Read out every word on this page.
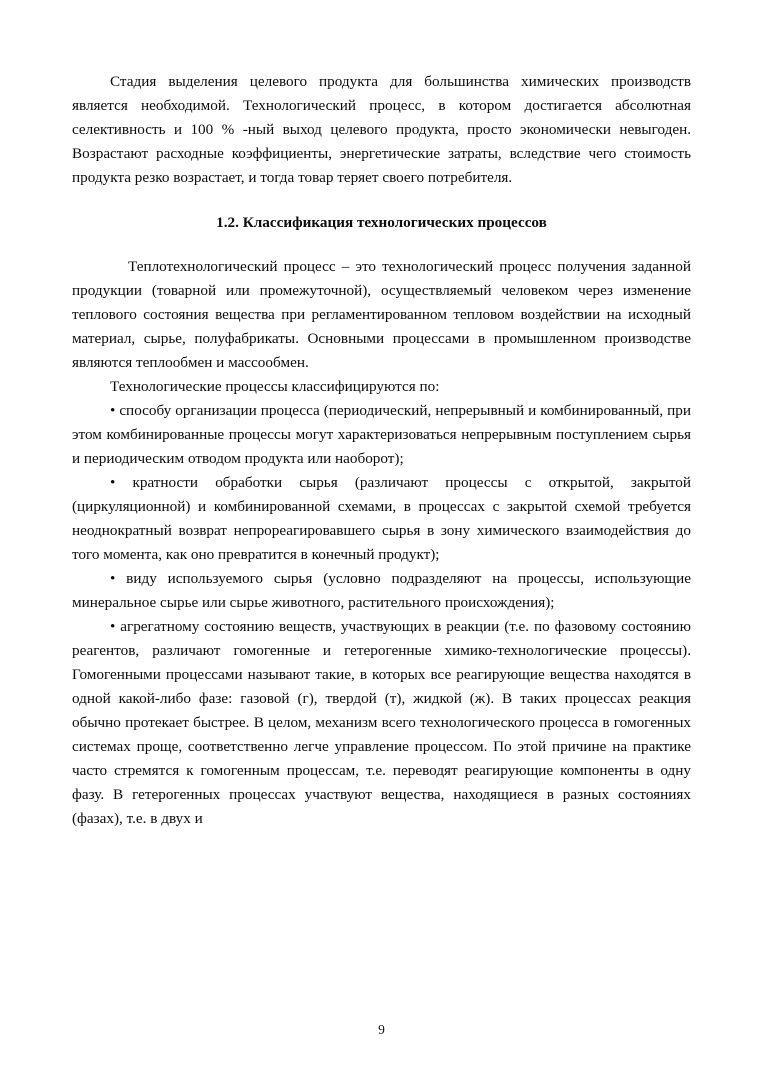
Стадия выделения целевого продукта для большинства химических производств является необходимой. Технологический процесс, в котором достигается абсолютная селективность и 100 % -ный выход целевого продукта, просто экономически невыгоден. Возрастают расходные коэффициенты, энергетические затраты, вследствие чего стоимость продукта резко возрастает, и тогда товар теряет своего потребителя.

1.2. Классификация технологических процессов

Теплотехнологический процесс – это технологический процесс получения заданной продукции (товарной или промежуточной), осуществляемый человеком через изменение теплового состояния вещества при регламентированном тепловом воздействии на исходный материал, сырье, полуфабрикаты. Основными процессами в промышленном производстве являются теплообмен и массообмен.

Технологические процессы классифицируются по:

• способу организации процесса (периодический, непрерывный и комбинированный, при этом комбинированные процессы могут характеризоваться непрерывным поступлением сырья и периодическим отводом продукта или наоборот);

• кратности обработки сырья (различают процессы с открытой, закрытой (циркуляционной) и комбинированной схемами, в процессах с закрытой схемой требуется неоднократный возврат непрореагировавшего сырья в зону химического взаимодействия до того момента, как оно превратится в конечный продукт);

• виду используемого сырья (условно подразделяют на процессы, использующие минеральное сырье или сырье животного, растительного происхождения);

• агрегатному состоянию веществ, участвующих в реакции (т.е. по фазовому состоянию реагентов, различают гомогенные и гетерогенные химико-технологические процессы). Гомогенными процессами называют такие, в которых все реагирующие вещества находятся в одной какой-либо фазе: газовой (г), твердой (т), жидкой (ж). В таких процессах реакция обычно протекает быстрее. В целом, механизм всего технологического процесса в гомогенных системах проще, соответственно легче управление процессом. По этой причине на практике часто стремятся к гомогенным процессам, т.е. переводят реагирующие компоненты в одну фазу. В гетерогенных процессах участвуют вещества, находящиеся в разных состояниях (фазах), т.е. в двух и

9
